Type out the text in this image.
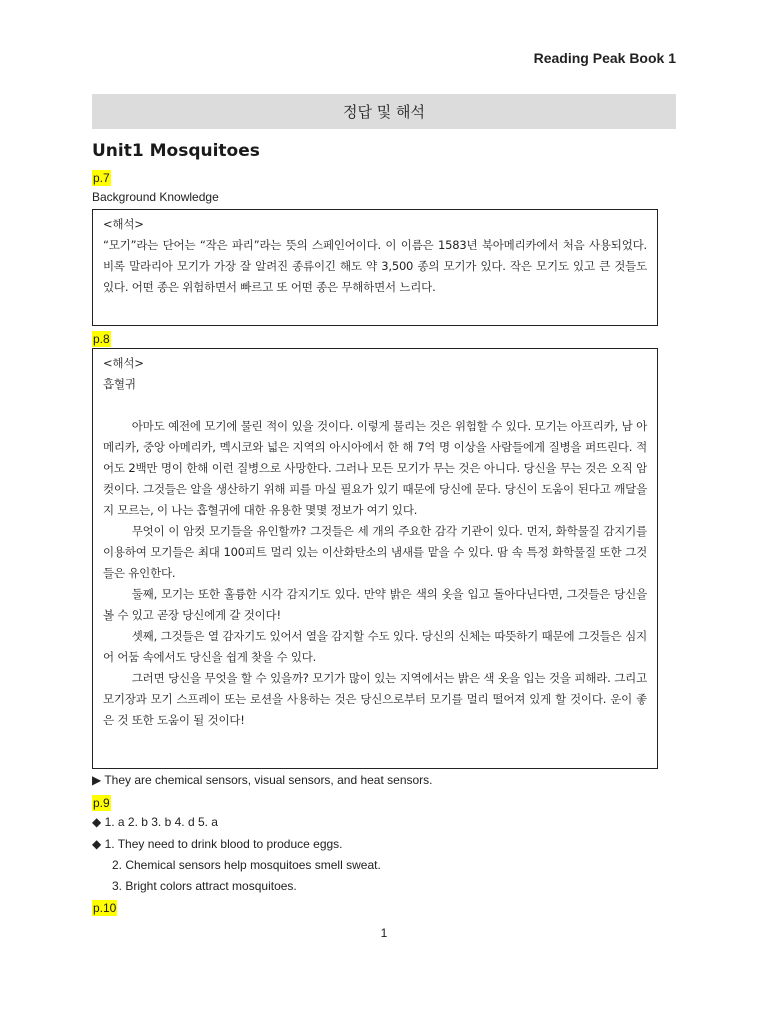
Reading Peak Book 1
정답 및 해석
Unit1 Mosquitoes
p.7
Background Knowledge

<해석>

“모기”라는 단어는 “작은 파리”라는 뜻의 스페인어이다. 이 이름은 1583년 북아메리카에서 처음 사용되었다. 비록 말라리아 모기가 가장 잘 알려진 종류이긴 해도 약 3,500 종의 모기가 있다. 작은 모기도 있고 큰 것들도 있다. 어떤 종은 위험하면서 빠르고 또 어떤 종은 무해하면서 느리다.

p.8

<해석>

흡혈귀

아마도 예전에 모기에 물린 적이 있을 것이다. 이렇게 물리는 것은 위험할 수 있다. 모기는 아프리카, 남 아메리카, 중앙 아메리카, 멕시코와 넓은 지역의 아시아에서 한 해 7억 명 이상을 사람들에게 질병을 퍼뜨린다. 적어도 2백만 명이 한해 이런 질병으로 사망한다. 그러나 모든 모기가 무는 것은 아니다. 당신을 무는 것은 오직 암컷이다. 그것들은 알을 생산하기 위해 피를 마실 필요가 있기 때문에 당신에 문다. 당신이 도움이 된다고 깨달을지 모르는, 이 나는 흡혈귀에 대한 유용한 몇몇 정보가 여기 있다.

무엇이 이 암컷 모기들을 유인할까? 그것들은 세 개의 주요한 감각 기관이 있다. 먼저, 화학물질 감지기를 이용하여 모기들은 최대 100피트 멀리 있는 이산화탄소의 냄새를 맡을 수 있다. 땀 속 특정 화학물질 또한 그것들은 유인한다.

둘째, 모기는 또한 훌륭한 시각 감지기도 있다. 만약 밝은 색의 옷을 입고 돌아다닌다면, 그것들은 당신을 볼 수 있고 곧장 당신에게 갈 것이다!

셋째, 그것들은 열 감자기도 있어서 열을 감지할 수도 있다. 당신의 신체는 따뜻하기 때문에 그것들은 심지어 어둠 속에서도 당신을 쉽게 찾을 수 있다.

그러면 당신을 무엇을 할 수 있을까? 모기가 많이 있는 지역에서는 밝은 색 옷을 입는 것을 피해라. 그리고 모기장과 모기 스프레이 또는 로션을 사용하는 것은 당신으로부터 모기를 멀리 떨어져 있게 할 것이다. 운이 좋은 것 또한 도움이 될 것이다!

▶ They are chemical sensors, visual sensors, and heat sensors.
p.9
◆ 1. a 2. b 3. b 4. d 5. a
◆ 1. They need to drink blood to produce eggs.
2. Chemical sensors help mosquitoes smell sweat.
3. Bright colors attract mosquitoes.
p.10
1
